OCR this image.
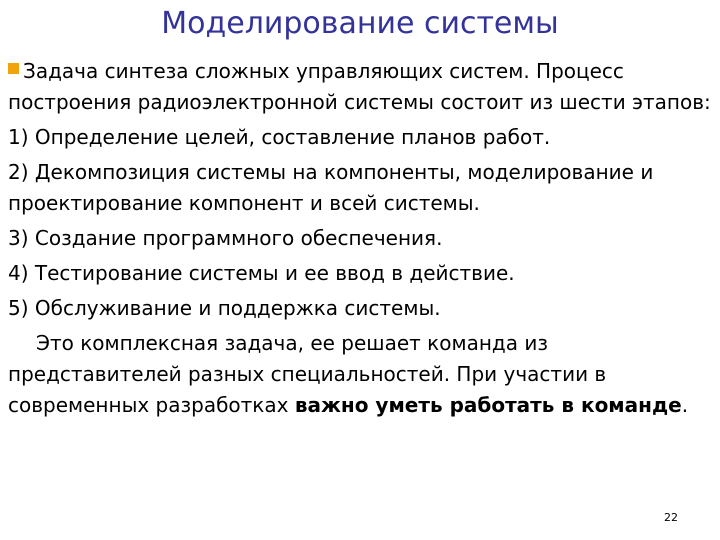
Моделирование системы
Задача синтеза сложных управляющих систем. Процесс построения радиоэлектронной системы состоит из шести этапов:
1) Определение целей, составление планов работ.
2) Декомпозиция системы на компоненты, моделирование и проектирование компонент и всей системы.
3) Создание программного обеспечения.
4) Тестирование системы и ее ввод в действие.
5) Обслуживание и поддержка системы.
Это комплексная задача, ее решает команда из представителей разных специальностей. При участии в современных разработках важно уметь работать в команде.
22
